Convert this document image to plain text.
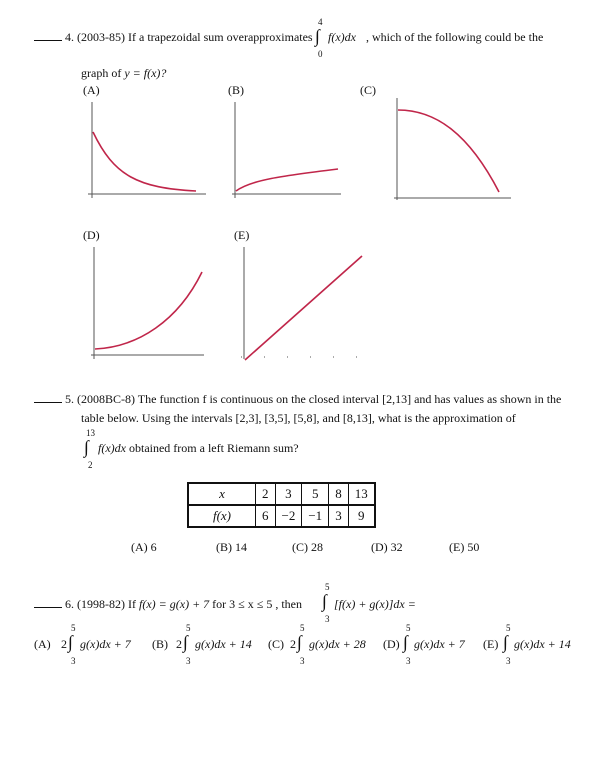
4. (2003-85) If a trapezoidal sum overapproximates
4
∫
0
f(x)dx , which of the following could be the
graph of y = f(x)?
(A)	(B)	(C)
(D)	(E)
5. (2008BC-8) The function f is continuous on the closed interval [2,13] and has values as shown in the
table below. Using the intervals [2,3], [3,5], [5,8], and [8,13], what is the approximation of
13
∫
2
f(x)dx obtained from a left Riemann sum?
x	2	3	5	8	13
f(x)	6	−2	−1	3	9
(A) 6	(B) 14	(C) 28	(D) 32	(E) 50
6. (1998-82) If f(x) = g(x) + 7 for 3 ≤ x ≤ 5 , then
5
∫
3
[f(x) + g(x)]dx =
(A) 2
5
∫
3
g(x)dx + 7 (B) 2
5
∫
3
g(x)dx + 14 (C) 2
5
∫
3
g(x)dx + 28 (D)
5
∫
3
g(x)dx + 7 (E)
5
∫
3
g(x)dx + 14
